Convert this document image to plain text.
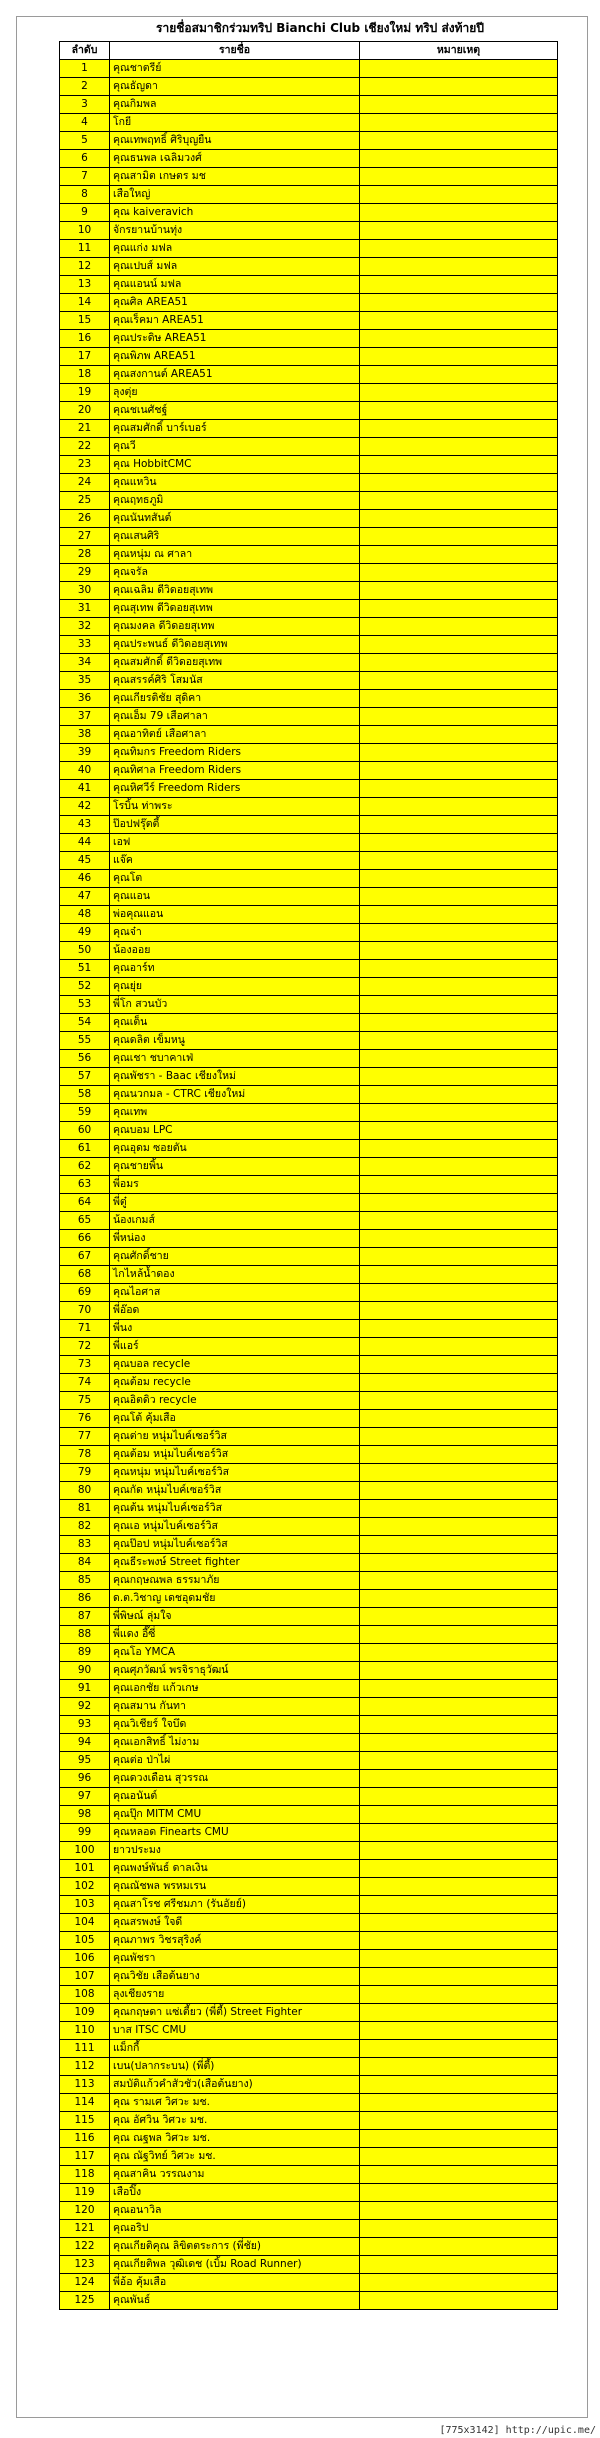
รายชื่อสมาชิกร่วมทริป Bianchi Club เชียงใหม่ ทริป ส่งท้ายปี
ลำดับ	รายชื่อ	หมายเหตุ
1	คุณชาตรีย์	
2	คุณธัญดา	
3	คุณกิมพล	
4	โกยี	
5	คุณเทพฤทธิ์ ศิริบุญยืน	
6	คุณธนพล เฉลิมวงศ์	
7	คุณสามิต เกษตร มช	
8	เสือใหญ่	
9	คุณ kaiveravich	
10	จักรยานบ้านทุ่ง	
11	คุณแก่ง มฟล	
12	คุณเปบส์ มฟล	
13	คุณแอนน์ มฟล	
14	คุณศิล AREA51	
15	คุณเร็คมา AREA51	
16	คุณประดิษ AREA51	
17	คุณพิภพ AREA51	
18	คุณสงกานต์ AREA51	
19	ลุงตุ่ย	
20	คุณชเนศัชฐ์	
21	คุณสมศักดิ์ บาร์เบอร์	
22	คุณวี	
23	คุณ HobbitCMC	
24	คุณแหวิน	
25	คุณฤทธภูมิ	
26	คุณนันทสันต์	
27	คุณเสนศิริ	
28	คุณหนุ่ม ณ ศาลา	
29	คุณจรัล	
30	คุณเฉลิม ดีวิดอยสุเทพ	
31	คุณสุเทพ ดีวิดอยสุเทพ	
32	คุณมงคล ดีวิดอยสุเทพ	
33	คุณประพนธ์ ดีวิดอยสุเทพ	
34	คุณสมศักดิ์ ดีวิดอยสุเทพ	
35	คุณสรรค์ศิริ โสมนัส	
36	คุณเกียรติชัย สุดิคา	
37	คุณเอ็ม 79 เสือศาลา	
38	คุณอาทิตย์ เสือศาลา	
39	คุณทิมกร Freedom Riders	
40	คุณทิศาล Freedom Riders	
41	คุณหิศวีร์ Freedom Riders	
42	โรบิ้น ท่าพระ	
43	ป๊อปฟรุ๊ตตี้	
44	เอฟ	
45	แจ๊ค	
46	คุณโต	
47	คุณแอน	
48	พ่อคุณแอน	
49	คุณจ๋า	
50	น้องออย	
51	คุณอาร์ท	
52	คุณยุ่ย	
53	พี่โก สวนบัว	
54	คุณเต็น	
55	คุณดลิต เข็มหนู	
56	คุณเชา ชบาคาเฟ่	
57	คุณพัชรา - Baac เชียงใหม่	
58	คุณนวกมล - CTRC เชียงใหม่	
59	คุณเทพ	
60	คุณบอม LPC	
61	คุณอุดม ซอยตัน	
62	คุณชายพิ้น	
63	พี่อมร	
64	พี่ตู๋	
65	น้องเกมส์	
66	พี่หน่อง	
67	คุณศักดิ์ชาย	
68	ไกไหล้น้ำดอง	
69	คุณไอศาส	
70	พี่อ๊อด	
71	พี่นง	
72	พี่แอร์	
73	คุณบอล recycle	
74	คุณต้อม recycle	
75	คุณอิตดิว recycle	
76	คุณโต้ คุ้มเสือ	
77	คุณต่าย หนุ่มไบค์เซอร์วิส	
78	คุณต้อม หนุ่มไบค์เซอร์วิส	
79	คุณหนุ่ม หนุ่มไบค์เซอร์วิส	
80	คุณกัด หนุ่มไบค์เซอร์วิส	
81	คุณต้น หนุ่มไบค์เซอร์วิส	
82	คุณเอ หนุ่มไบค์เซอร์วิส	
83	คุณป๊อป หนุ่มไบค์เซอร์วิส	
84	คุณธีระพงษ์ Street fighter	
85	คุณกฤษณพล ธรรมาภัย	
86	ด.ต.วิชาญ เดชอุดมชัย	
87	พี่พิษณ์ ลุ่มใจ	
88	พี่แดง อี๊ซี่	
89	คุณโอ YMCA	
90	คุณศุภวัฒน์ พรจิราธุวัฒน์	
91	คุณเอกชัย แก้วเกษ	
92	คุณสมาน กันทา	
93	คุณวิเชียร์ ใจบึด	
94	คุณเอกสิทธิ์ ไม่งาม	
95	คุณต่อ ป่าไผ่	
96	คุณดวงเดือน สุวรรณ	
97	คุณอนันต์	
98	คุณปุ๊ก MITM CMU	
99	คุณหลอด Finearts CMU	
100	ยาวประมง	
101	คุณพงษ์พันธ์ ดาลเงิน	
102	คุณณัชพล พรหมเรน	
103	คุณสาโรช ศรีชมภา (รันอัยย์)	
104	คุณสรพงษ์ ใจดี	
105	คุณภาพร วิชรสุริงค์	
106	คุณพัชรา	
107	คุณวิชัย เสือต้นยาง	
108	ลุงเชียงราย	
109	คุณกฤษดา แซ่เตี้ยว (พี่ตี้) Street Fighter	
110	บาส ITSC CMU	
111	แม็กกี้	
112	เบน(ปลากระบน) (พี่ตี้)	
113	สมบัติแก้วคำสัวชัว(เสือต้นยาง)	
114	คุณ รามเศ วิศวะ มช.	
115	คุณ อัศวิน วิศวะ มช.	
116	คุณ ณฐพล วิศวะ มช.	
117	คุณ ณัฐวิทย์ วิศวะ มช.	
118	คุณสาคิน วรรณงาม	
119	เสือปิ๊ง	
120	คุณอนาวิล	
121	คุณอริป	
122	คุณเกียติคุณ ลิขิตตระการ (พี่ชัย)	
123	คุณเกียติพล วุฒิเดช (เบิ้ม Road Runner)	
124	พี่อ้อ คุ้มเสือ	
125	คุณพันธ์	
[775x3142] http://upic.me/
